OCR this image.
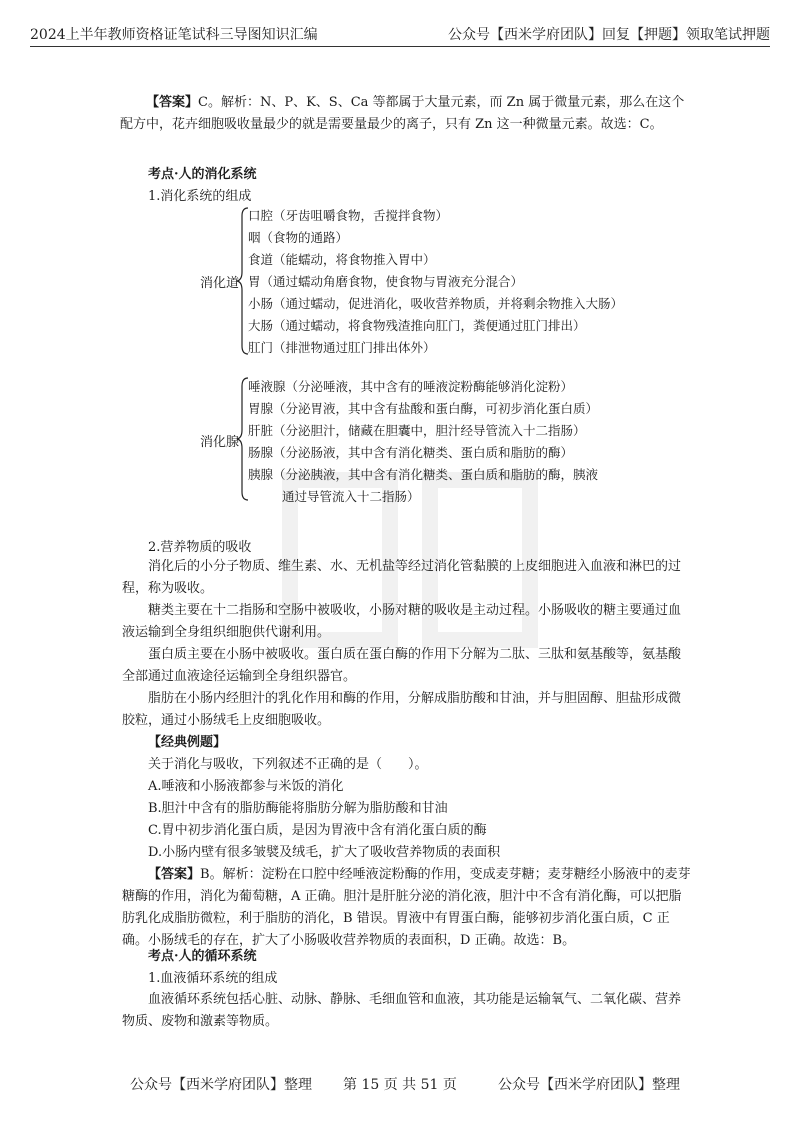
2024上半年教师资格证笔试科三导图知识汇编	公众号【西米学府团队】回复【押题】领取笔试押题

【答案】C。解析：N、P、K、S、Ca 等都属于大量元素，而 Zn 属于微量元素，那么在这个配方中，花卉细胞吸收量最少的就是需要量最少的离子，只有 Zn 这一种微量元素。故选：C。

考点·人的消化系统
1.消化系统的组成
消化道
口腔（牙齿咀嚼食物，舌搅拌食物）
咽（食物的通路）
食道（能蠕动，将食物推入胃中）
胃（通过蠕动角磨食物，使食物与胃液充分混合）
小肠（通过蠕动，促进消化，吸收营养物质，并将剩余物推入大肠）
大肠（通过蠕动，将食物残渣推向肛门，粪便通过肛门排出）
肛门（排泄物通过肛门排出体外）
消化腺
唾液腺（分泌唾液，其中含有的唾液淀粉酶能够消化淀粉）
胃腺（分泌胃液，其中含有盐酸和蛋白酶，可初步消化蛋白质）
肝脏（分泌胆汁，储藏在胆囊中，胆汁经导管流入十二指肠）
肠腺（分泌肠液，其中含有消化糖类、蛋白质和脂肪的酶）
胰腺（分泌胰液，其中含有消化糖类、蛋白质和脂肪的酶，胰液
通过导管流入十二指肠）
2.营养物质的吸收

消化后的小分子物质、维生素、水、无机盐等经过消化管黏膜的上皮细胞进入血液和淋巴的过程，称为吸收。

糖类主要在十二指肠和空肠中被吸收，小肠对糖的吸收是主动过程。小肠吸收的糖主要通过血液运输到全身组织细胞供代谢利用。

蛋白质主要在小肠中被吸收。蛋白质在蛋白酶的作用下分解为二肽、三肽和氨基酸等，氨基酸全部通过血液途径运输到全身组织器官。

脂肪在小肠内经胆汁的乳化作用和酶的作用，分解成脂肪酸和甘油，并与胆固醇、胆盐形成微胶粒，通过小肠绒毛上皮细胞吸收。

【经典例题】

关于消化与吸收，下列叙述不正确的是（　　）。

A.唾液和小肠液都参与米饭的消化

B.胆汁中含有的脂肪酶能将脂肪分解为脂肪酸和甘油

C.胃中初步消化蛋白质，是因为胃液中含有消化蛋白质的酶

D.小肠内壁有很多皱襞及绒毛，扩大了吸收营养物质的表面积

【答案】B。解析：淀粉在口腔中经唾液淀粉酶的作用，变成麦芽糖；麦芽糖经小肠液中的麦芽糖酶的作用，消化为葡萄糖，A 正确。胆汁是肝脏分泌的消化液，胆汁中不含有消化酶，可以把脂肪乳化成脂肪微粒，利于脂肪的消化，B 错误。胃液中有胃蛋白酶，能够初步消化蛋白质，C 正确。小肠绒毛的存在，扩大了小肠吸收营养物质的表面积，D 正确。故选：B。

考点·人的循环系统
1.血液循环系统的组成

血液循环系统包括心脏、动脉、静脉、毛细血管和血液，其功能是运输氧气、二氧化碳、营养物质、废物和激素等物质。

公众号【西米学府团队】整理 第 15 页 共 51 页	公众号【西米学府团队】整理
